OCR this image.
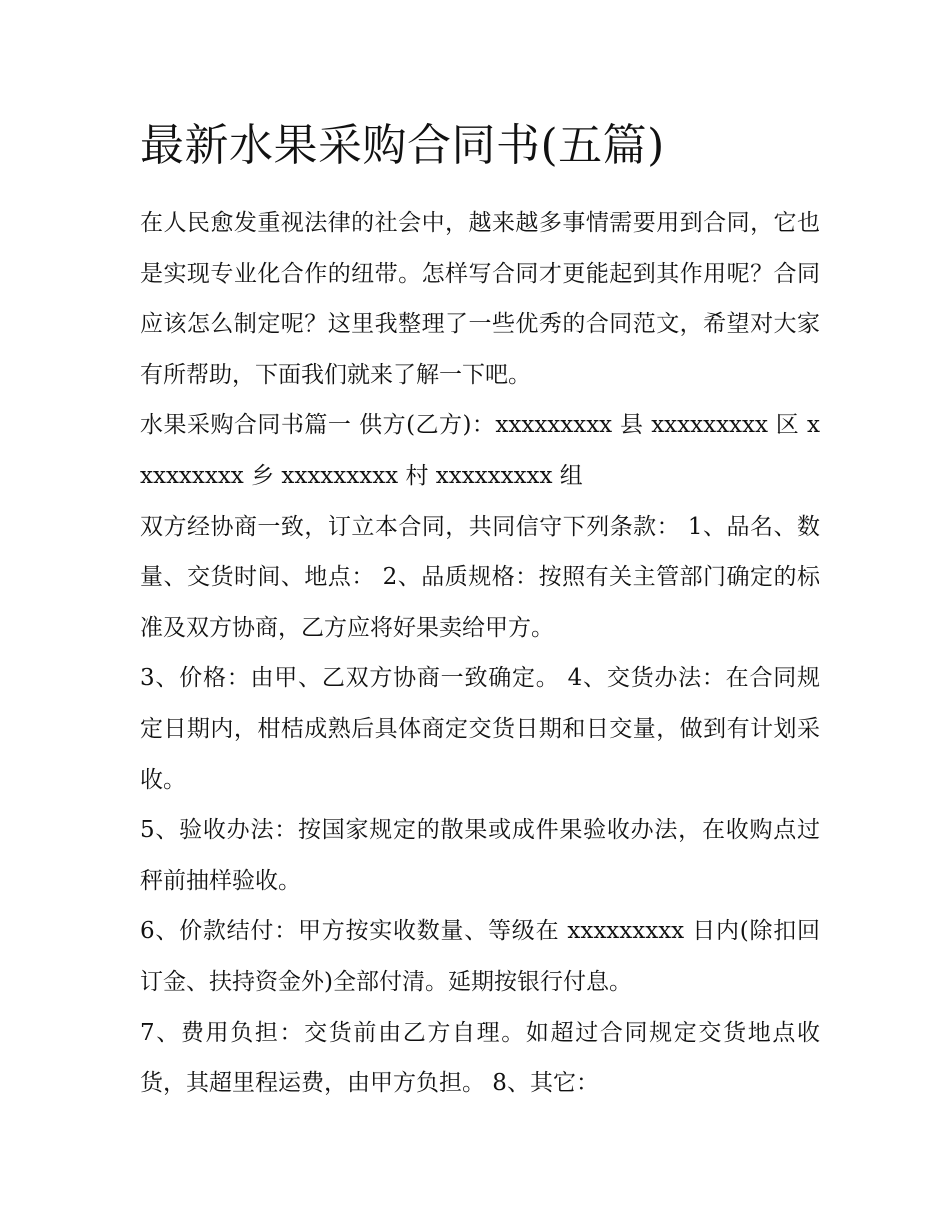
最新水果采购合同书(五篇)

在人民愈发重视法律的社会中，越来越多事情需要用到合同，它也是实现专业化合作的纽带。怎样写合同才更能起到其作用呢？合同应该怎么制定呢？这里我整理了一些优秀的合同范文，希望对大家有所帮助，下面我们就来了解一下吧。

水果采购合同书篇一 供方(乙方)：xxxxxxxxx 县 xxxxxxxxx 区 xxxxxxxxx 乡 xxxxxxxxx 村 xxxxxxxxx 组

双方经协商一致，订立本合同，共同信守下列条款： 1、品名、数量、交货时间、地点： 2、品质规格：按照有关主管部门确定的标准及双方协商，乙方应将好果卖给甲方。

3、价格：由甲、乙双方协商一致确定。 4、交货办法：在合同规定日期内，柑桔成熟后具体商定交货日期和日交量，做到有计划采收。

5、验收办法：按国家规定的散果或成件果验收办法，在收购点过秤前抽样验收。

6、价款结付：甲方按实收数量、等级在 xxxxxxxxx 日内(除扣回订金、扶持资金外)全部付清。延期按银行付息。

7、费用负担：交货前由乙方自理。如超过合同规定交货地点收货，其超里程运费，由甲方负担。 8、其它：
